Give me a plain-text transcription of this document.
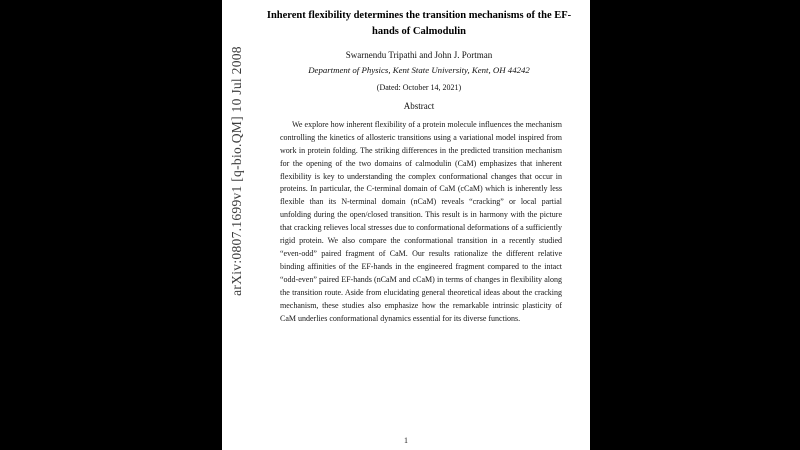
arXiv:0807.1699v1 [q-bio.QM] 10 Jul 2008
Inherent flexibility determines the transition mechanisms of the EF-hands of Calmodulin
Swarnendu Tripathi and John J. Portman
Department of Physics, Kent State University, Kent, OH 44242
(Dated: October 14, 2021)
Abstract

We explore how inherent flexibility of a protein molecule influences the mechanism controlling the kinetics of allosteric transitions using a variational model inspired from work in protein folding. The striking differences in the predicted transition mechanism for the opening of the two domains of calmodulin (CaM) emphasizes that inherent flexibility is key to understanding the complex conformational changes that occur in proteins. In particular, the C-terminal domain of CaM (cCaM) which is inherently less flexible than its N-terminal domain (nCaM) reveals “cracking” or local partial unfolding during the open/closed transition. This result is in harmony with the picture that cracking relieves local stresses due to conformational deformations of a sufficiently rigid protein. We also compare the conformational transition in a recently studied “even-odd” paired fragment of CaM. Our results rationalize the different relative binding affinities of the EF-hands in the engineered fragment compared to the intact “odd-even” paired EF-hands (nCaM and cCaM) in terms of changes in flexibility along the transition route. Aside from elucidating general theoretical ideas about the cracking mechanism, these studies also emphasize how the remarkable intrinsic plasticity of CaM underlies conformational dynamics essential for its diverse functions.

1
